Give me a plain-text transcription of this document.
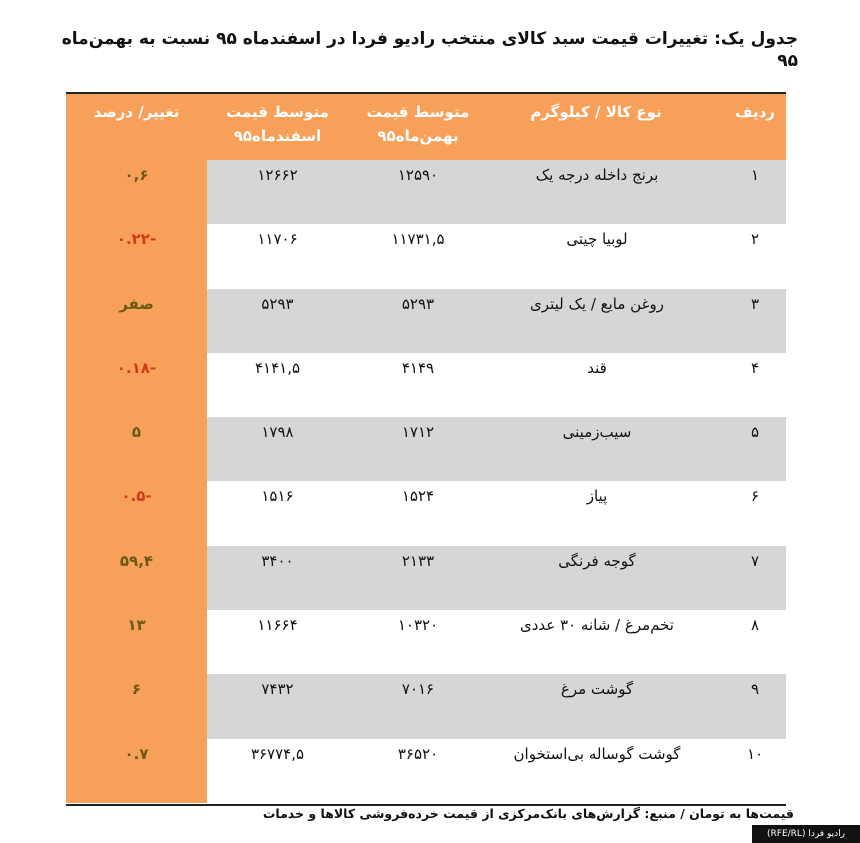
جدول یک: تغییرات قیمت سبد کالای منتخب رادیو فردا در اسفندماه ۹۵ نسبت به بهمن‌ماه ۹۵
ردیف
نوع کالا / کیلوگرم
متوسط قیمت
بهمن‌ماه۹۵
متوسط قیمت
اسفندماه۹۵
تغییر/ درصد
۱
برنج داخله درجه یک
۱۲۵۹۰
۱۲۶۶۲
۰,۶
۲
لوبیا چیتی
۱۱۷۳۱,۵
۱۱۷۰۶
-۰.۲۲
۳
روغن مایع / یک لیتری
۵۲۹۳
۵۲۹۳
صفر
۴
قند
۴۱۴۹
۴۱۴۱,۵
-۰.۱۸
۵
سیب‌زمینی
۱۷۱۲
۱۷۹۸
۵
۶
پیاز
۱۵۲۴
۱۵۱۶
-۰.۵
۷
گوجه فرنگی
۲۱۳۳
۳۴۰۰
۵۹,۴
۸
تخم‌مرغ / شانه ۳۰ عددی
۱۰۳۲۰
۱۱۶۶۴
۱۳
۹
گوشت مرغ
۷۰۱۶
۷۴۳۲
۶
۱۰
گوشت گوساله بی‌استخوان
۳۶۵۲۰
۳۶۷۷۴,۵
۰.۷
قیمت‌ها به تومان / منبع: گزارش‌های بانک‌مرکزی از قیمت خرده‌فروشی کالاها و خدمات
(RFE/RL) رادیو فردا
